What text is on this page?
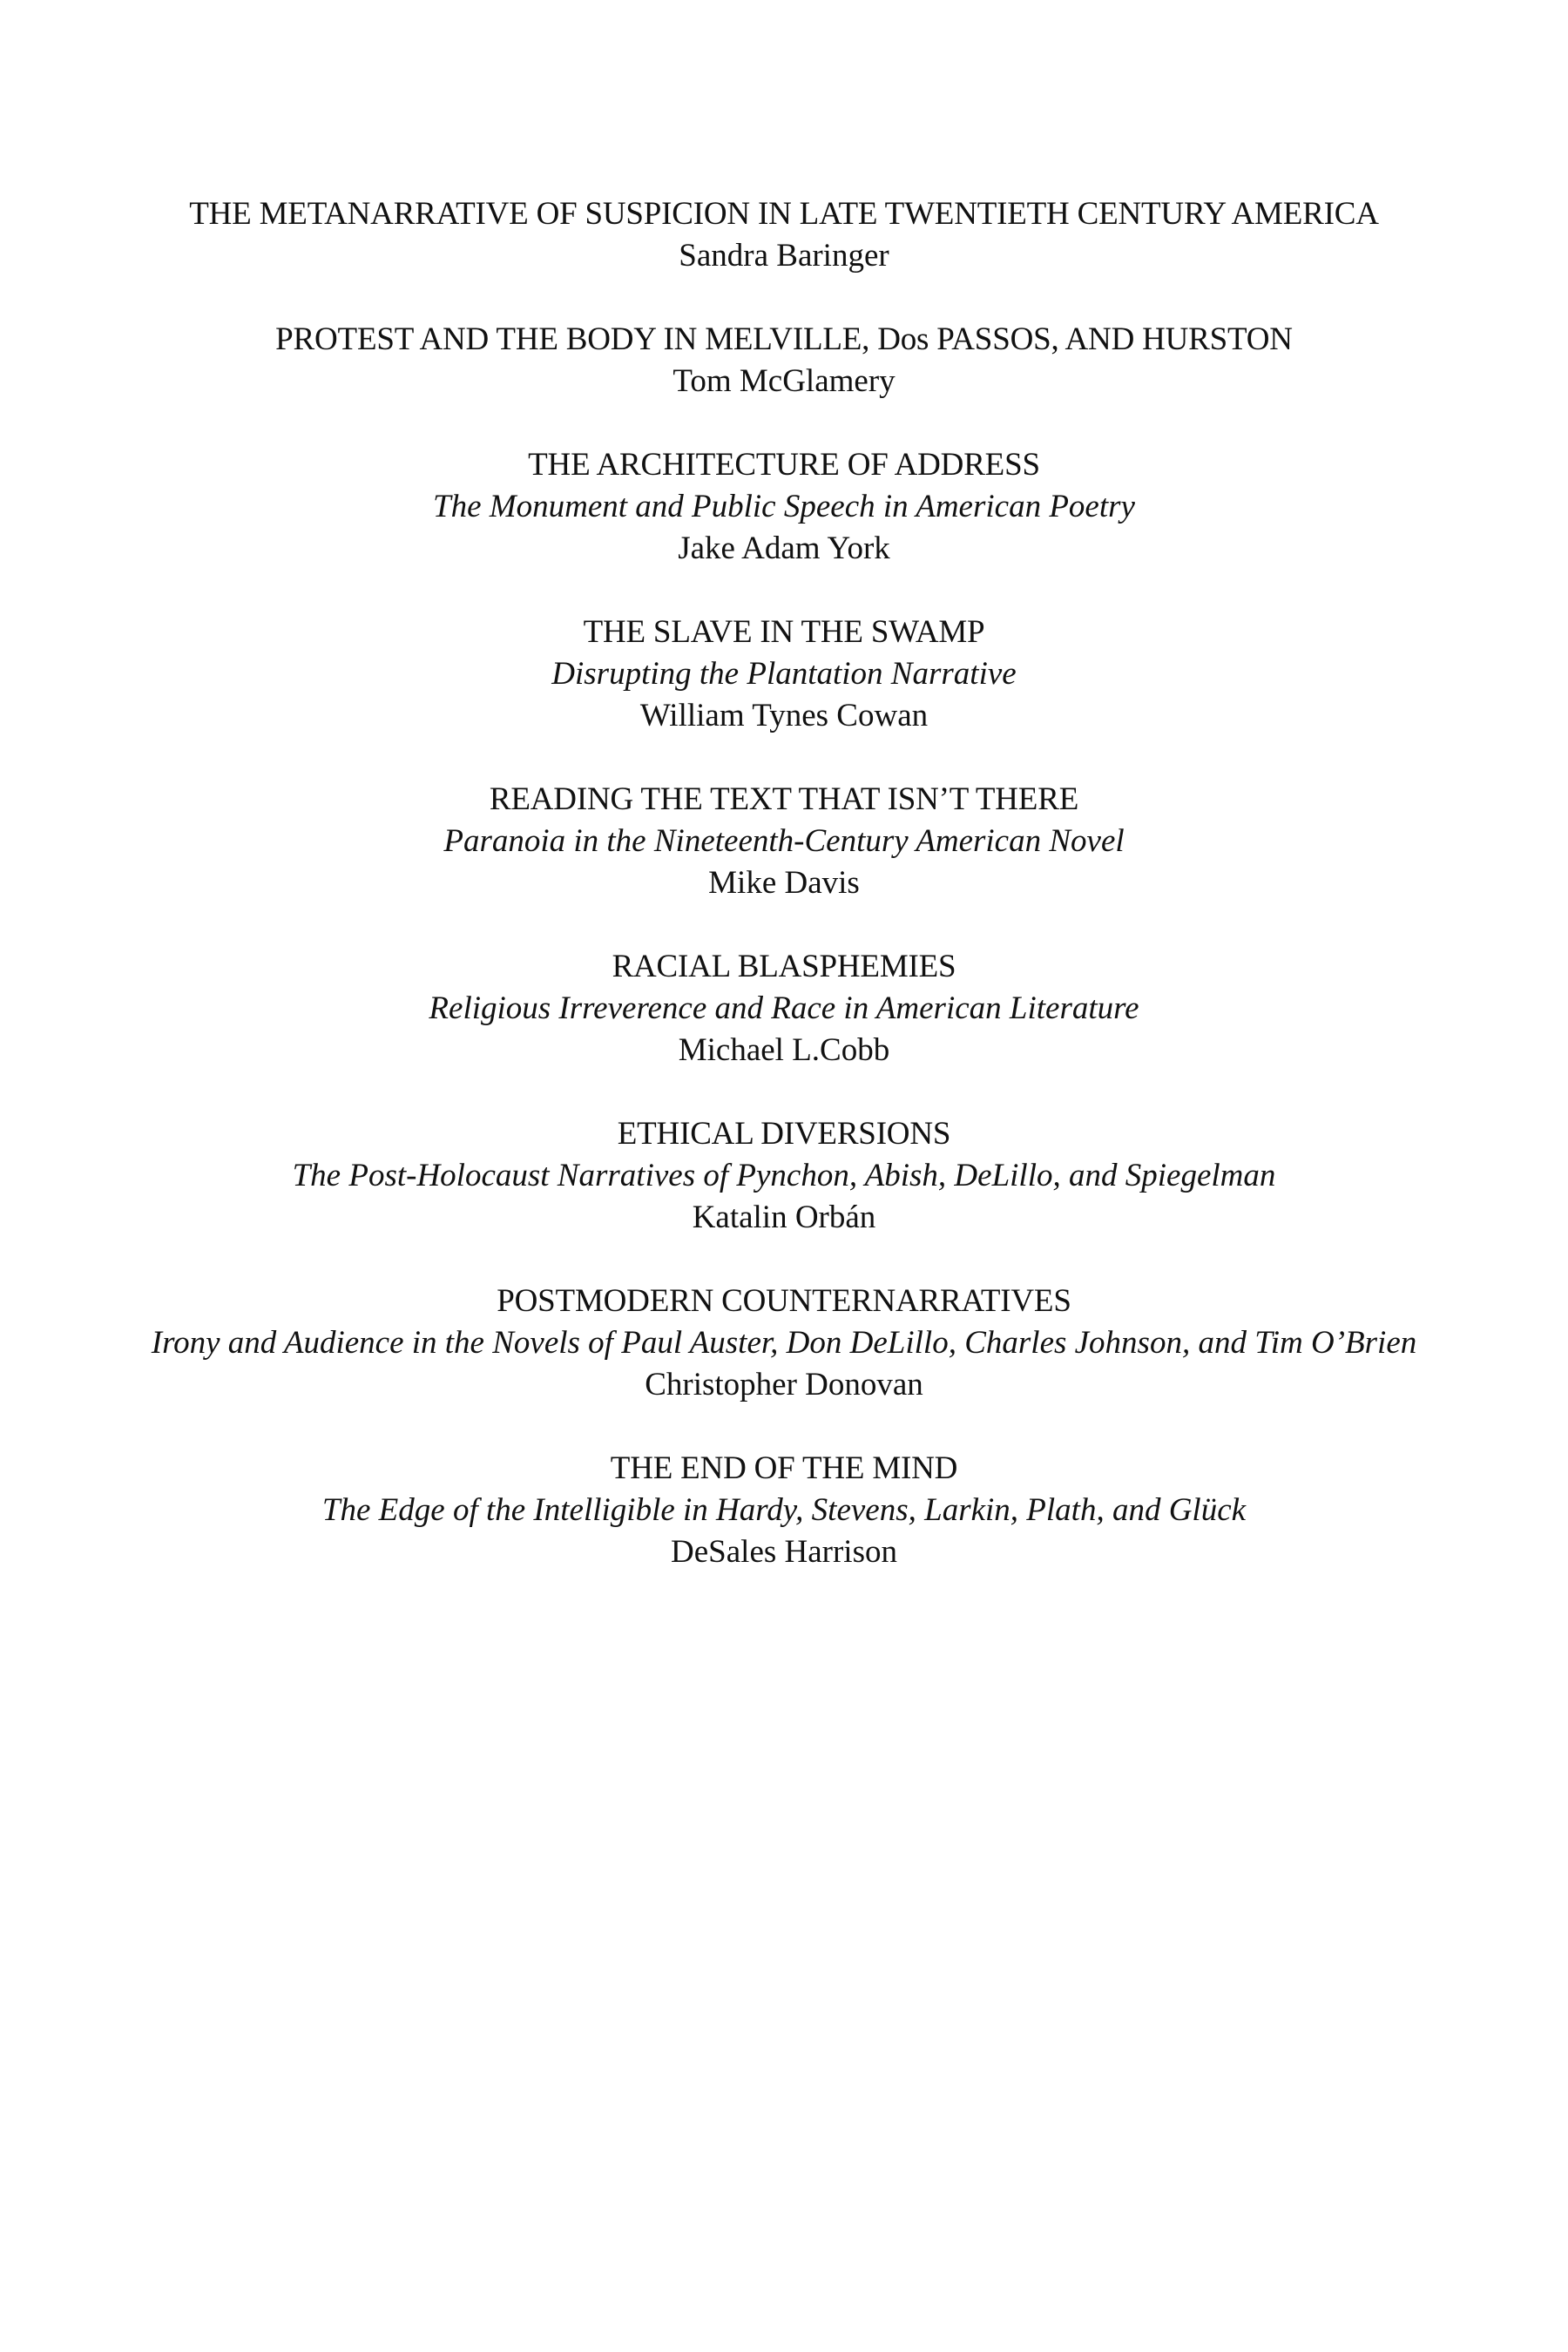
THE METANARRATIVE OF SUSPICION IN LATE TWENTIETH CENTURY AMERICA
Sandra Baringer
PROTEST AND THE BODY IN MELVILLE, Dos PASSOS, AND HURSTON
Tom McGlamery
THE ARCHITECTURE OF ADDRESS
The Monument and Public Speech in American Poetry
Jake Adam York
THE SLAVE IN THE SWAMP
Disrupting the Plantation Narrative
William Tynes Cowan
READING THE TEXT THAT ISN’T THERE
Paranoia in the Nineteenth-Century American Novel
Mike Davis
RACIAL BLASPHEMIES
Religious Irreverence and Race in American Literature
Michael L.Cobb
ETHICAL DIVERSIONS
The Post-Holocaust Narratives of Pynchon, Abish, DeLillo, and Spiegelman
Katalin Orbán
POSTMODERN COUNTERNARRATIVES
Irony and Audience in the Novels of Paul Auster, Don DeLillo, Charles Johnson, and Tim O’Brien
Christopher Donovan
THE END OF THE MIND
The Edge of the Intelligible in Hardy, Stevens, Larkin, Plath, and Glück
DeSales Harrison
